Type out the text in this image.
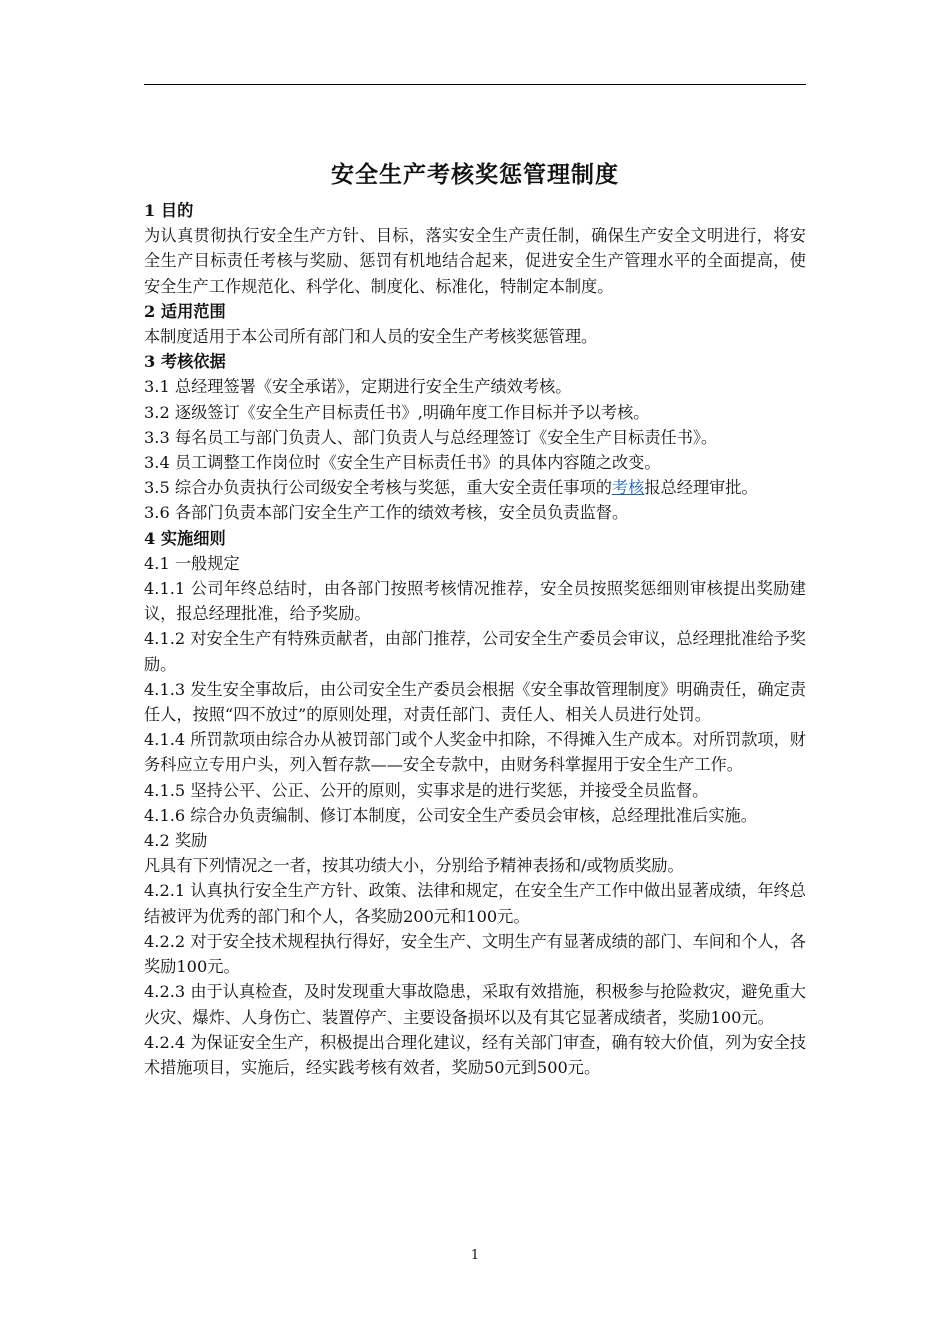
安全生产考核奖惩管理制度

1 目的

为认真贯彻执行安全生产方针、目标，落实安全生产责任制，确保生产安全文明进行，将安全生产目标责任考核与奖励、惩罚有机地结合起来，促进安全生产管理水平的全面提高，使安全生产工作规范化、科学化、制度化、标准化，特制定本制度。

2 适用范围

本制度适用于本公司所有部门和人员的安全生产考核奖惩管理。

3 考核依据

3.1 总经理签署《安全承诺》，定期进行安全生产绩效考核。

3.2 逐级签订《安全生产目标责任书》,明确年度工作目标并予以考核。

3.3 每名员工与部门负责人、部门负责人与总经理签订《安全生产目标责任书》。

3.4 员工调整工作岗位时《安全生产目标责任书》的具体内容随之改变。

3.5 综合办负责执行公司级安全考核与奖惩，重大安全责任事项的考核报总经理审批。

3.6 各部门负责本部门安全生产工作的绩效考核，安全员负责监督。

4 实施细则

4.1 一般规定

4.1.1 公司年终总结时，由各部门按照考核情况推荐，安全员按照奖惩细则审核提出奖励建议，报总经理批准，给予奖励。

4.1.2 对安全生产有特殊贡献者，由部门推荐，公司安全生产委员会审议，总经理批准给予奖励。

4.1.3 发生安全事故后，由公司安全生产委员会根据《安全事故管理制度》明确责任，确定责任人，按照“四不放过”的原则处理，对责任部门、责任人、相关人员进行处罚。

4.1.4 所罚款项由综合办从被罚部门或个人奖金中扣除，不得摊入生产成本。对所罚款项，财务科应立专用户头，列入暂存款——安全专款中，由财务科掌握用于安全生产工作。

4.1.5 坚持公平、公正、公开的原则，实事求是的进行奖惩，并接受全员监督。

4.1.6 综合办负责编制、修订本制度，公司安全生产委员会审核，总经理批准后实施。

4.2 奖励

凡具有下列情况之一者，按其功绩大小，分别给予精神表扬和/或物质奖励。

4.2.1 认真执行安全生产方针、政策、法律和规定，在安全生产工作中做出显著成绩，年终总结被评为优秀的部门和个人，各奖励200元和100元。

4.2.2 对于安全技术规程执行得好，安全生产、文明生产有显著成绩的部门、车间和个人，各奖励100元。

4.2.3 由于认真检查，及时发现重大事故隐患，采取有效措施，积极参与抢险救灾，避免重大火灾、爆炸、人身伤亡、装置停产、主要设备损坏以及有其它显著成绩者，奖励100元。

4.2.4 为保证安全生产，积极提出合理化建议，经有关部门审查，确有较大价值，列为安全技术措施项目，实施后，经实践考核有效者，奖励50元到500元。

1
